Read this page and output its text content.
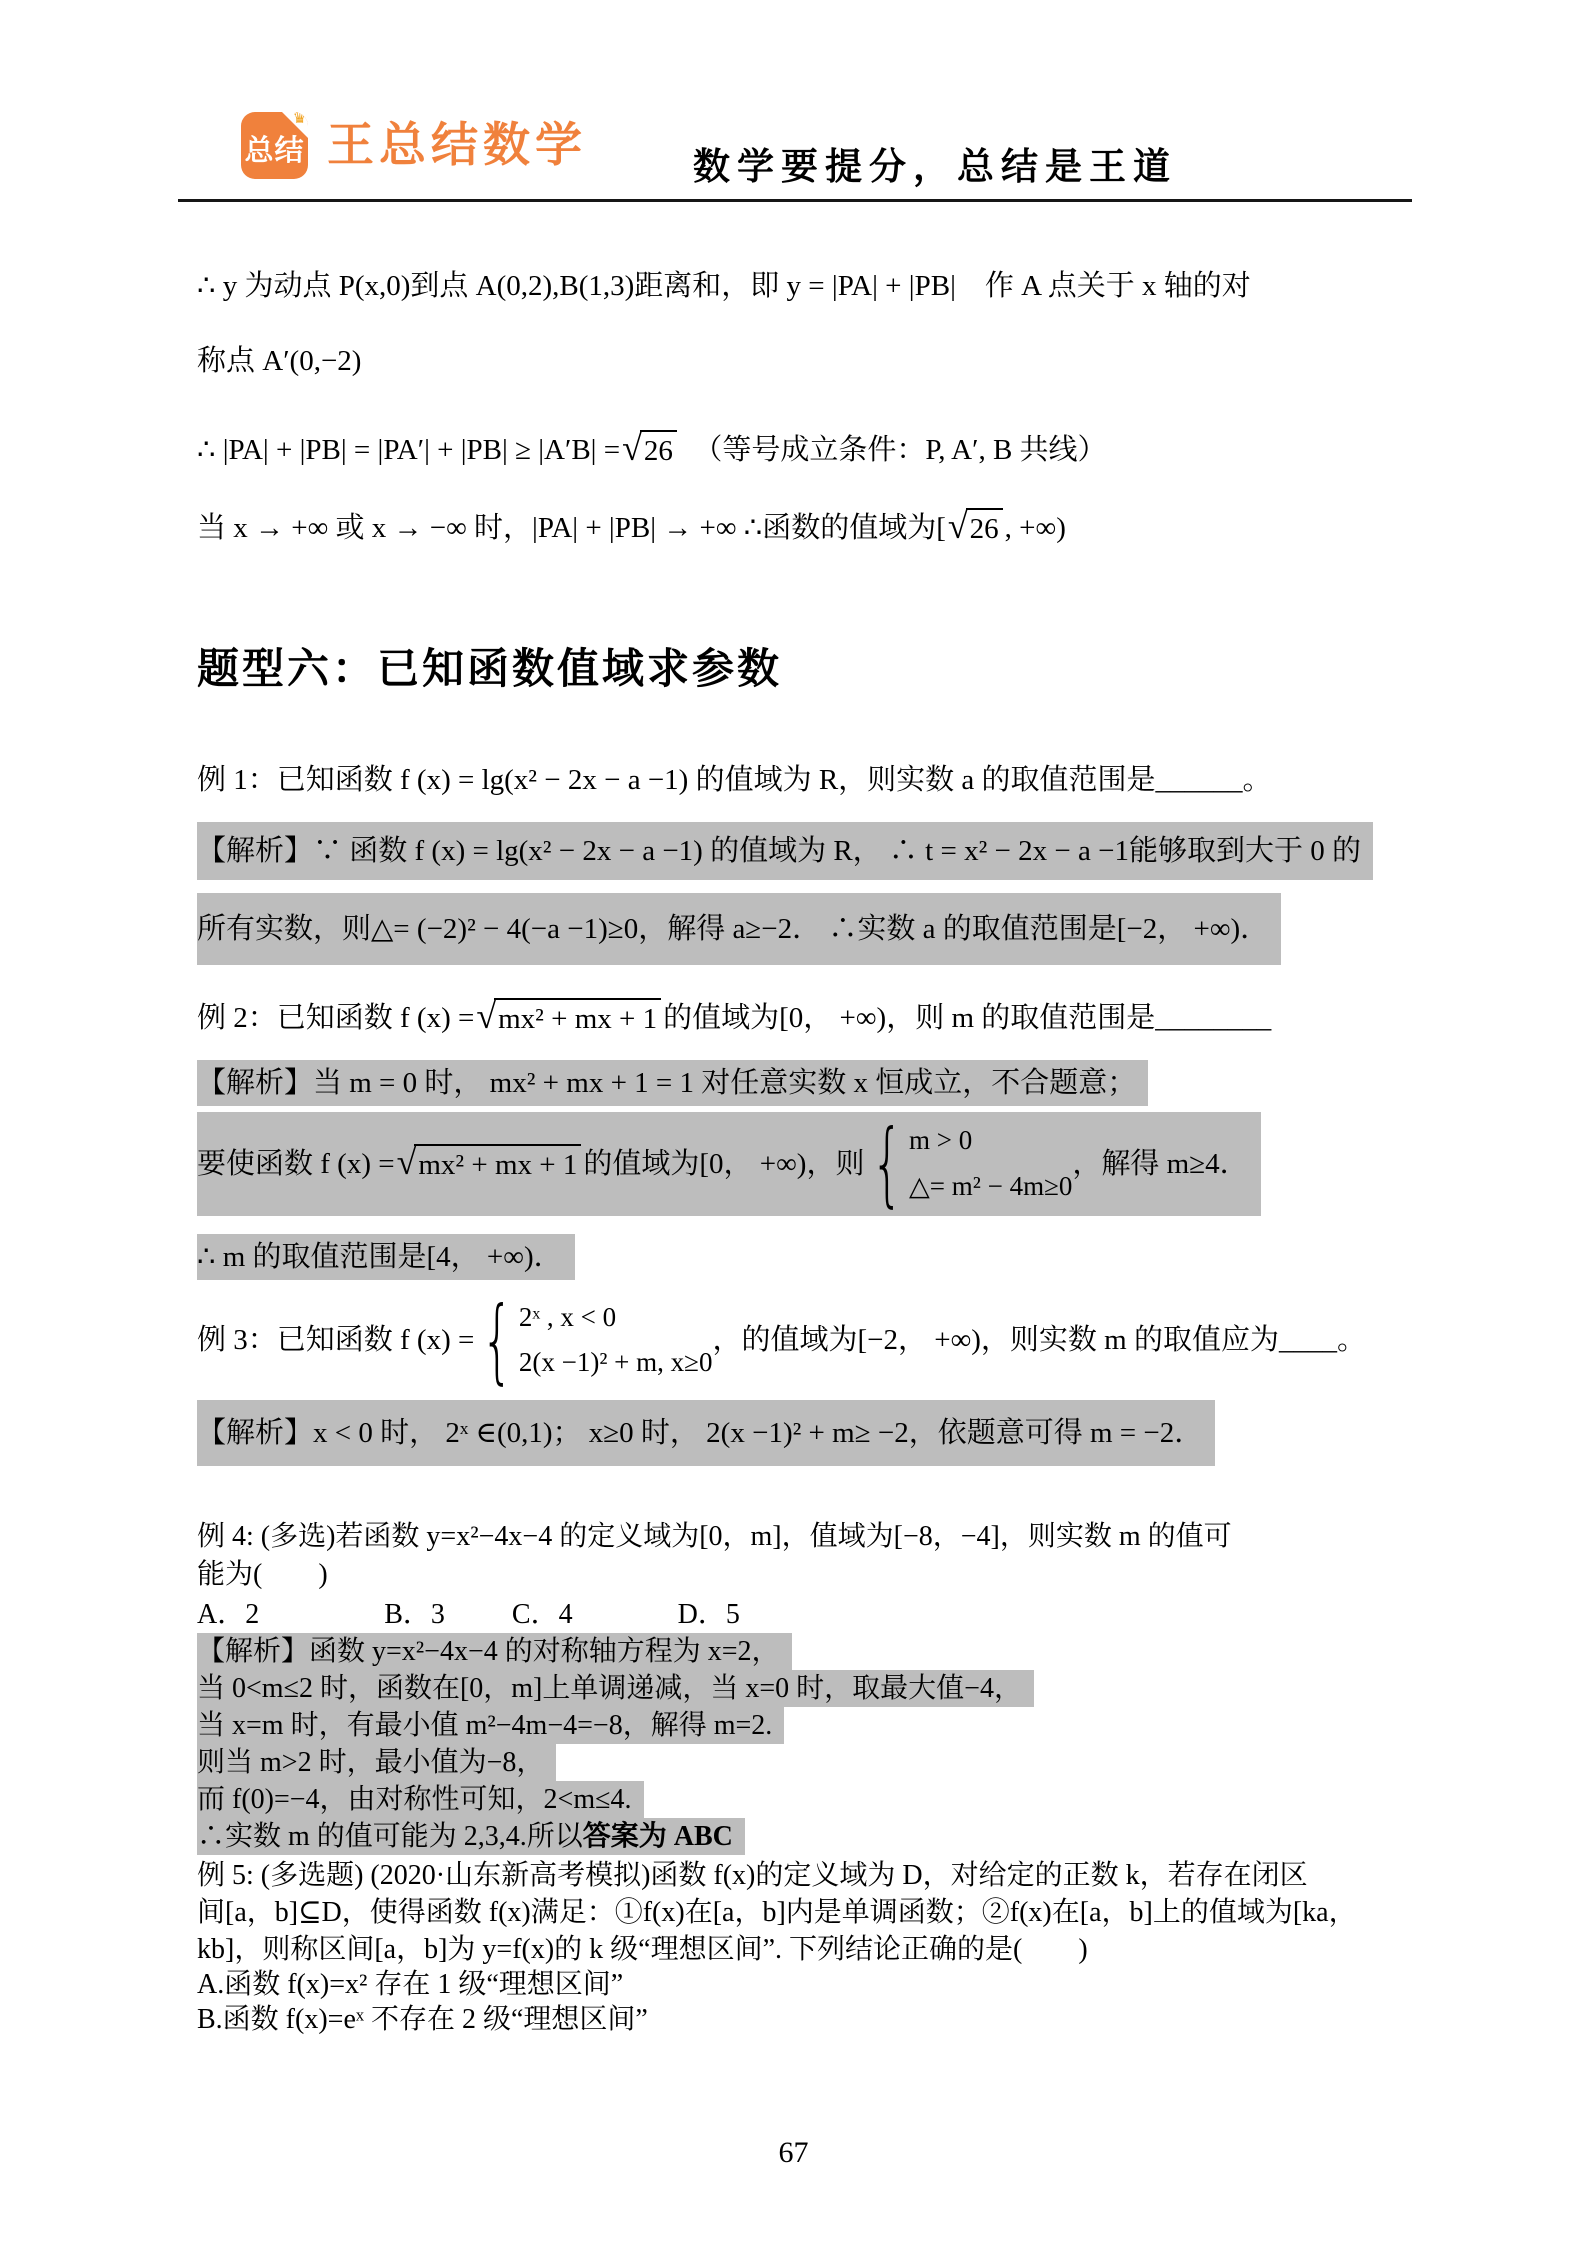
♛
总结 王总结数学	数学要提分，总结是王道
∴ y 为动点 P(x,0)到点 A(0,2),B(1,3)距离和，即 y = |PA| + |PB|　作 A 点关于 x 轴的对
称点 A′(0,−2)
∴ |PA| + |PB| = |PA′| + |PB| ≥ |A′B| = √ 26 　（等号成立条件：P, A′, B 共线）
当 x → +∞ 或 x → −∞ 时，|PA| + |PB| → +∞ ∴函数的值域为[ √ 26 , +∞)
题型六：已知函数值域求参数
例 1：已知函数 f (x) = lg(x² − 2x − a −1) 的值域为 R，则实数 a 的取值范围是______。
【解析】∵ 函数 f (x) = lg(x² − 2x − a −1) 的值域为 R， ∴ t = x² − 2x − a −1能够取到大于 0 的
所有实数，则△= (−2)² − 4(−a −1)≥0，解得 a≥−2． ∴实数 a 的取值范围是[−2， +∞)．
例 2：已知函数 f (x) = √ mx² + mx + 1 的值域为[0， +∞)，则 m 的取值范围是________
【解析】当 m = 0 时， mx² + mx + 1 = 1 对任意实数 x 恒成立，不合题意；
要使函数 f (x) = √ mx² + mx + 1 的值域为[0， +∞)，则 { m > 0
△= m² − 4m≥0
，解得 m≥4．
∴ m 的取值范围是[4， +∞)．
例 3：已知函数 f (x) = { 2ˣ , x < 0
2(x −1)² + m, x≥0
，的值域为[−2， +∞)，则实数 m 的取值应为____。
【解析】x < 0 时， 2ˣ ∈(0,1)； x≥0 时， 2(x −1)² + m≥ −2，依题意可得 m = −2．
例 4: (多选)若函数 y=x²−4x−4 的定义域为[0，m]，值域为[−8，−4]，则实数 m 的值可
能为(　　)
A．2	B．3 C．4	D．5
【解析】函数 y=x²−4x−4 的对称轴方程为 x=2，
当 0<m≤2 时，函数在[0，m]上单调递减，当 x=0 时，取最大值−4，
当 x=m 时，有最小值 m²−4m−4=−8，解得 m=2.
则当 m>2 时，最小值为−8，
而 f(0)=−4，由对称性可知，2<m≤4.
∴实数 m 的值可能为 2,3,4.所以 答案为 ABC
例 5: (多选题) (2020·山东新高考模拟)函数 f(x)的定义域为 D，对给定的正数 k，若存在闭区
间[a，b]⊆D，使得函数 f(x)满足：①f(x)在[a，b]内是单调函数；②f(x)在[a，b]上的值域为[ka，
kb]，则称区间[a，b]为 y=f(x)的 k 级“理想区间”. 下列结论正确的是(　　)
A.函数 f(x)=x² 存在 1 级“理想区间”
B.函数 f(x)=eˣ 不存在 2 级“理想区间”
67
